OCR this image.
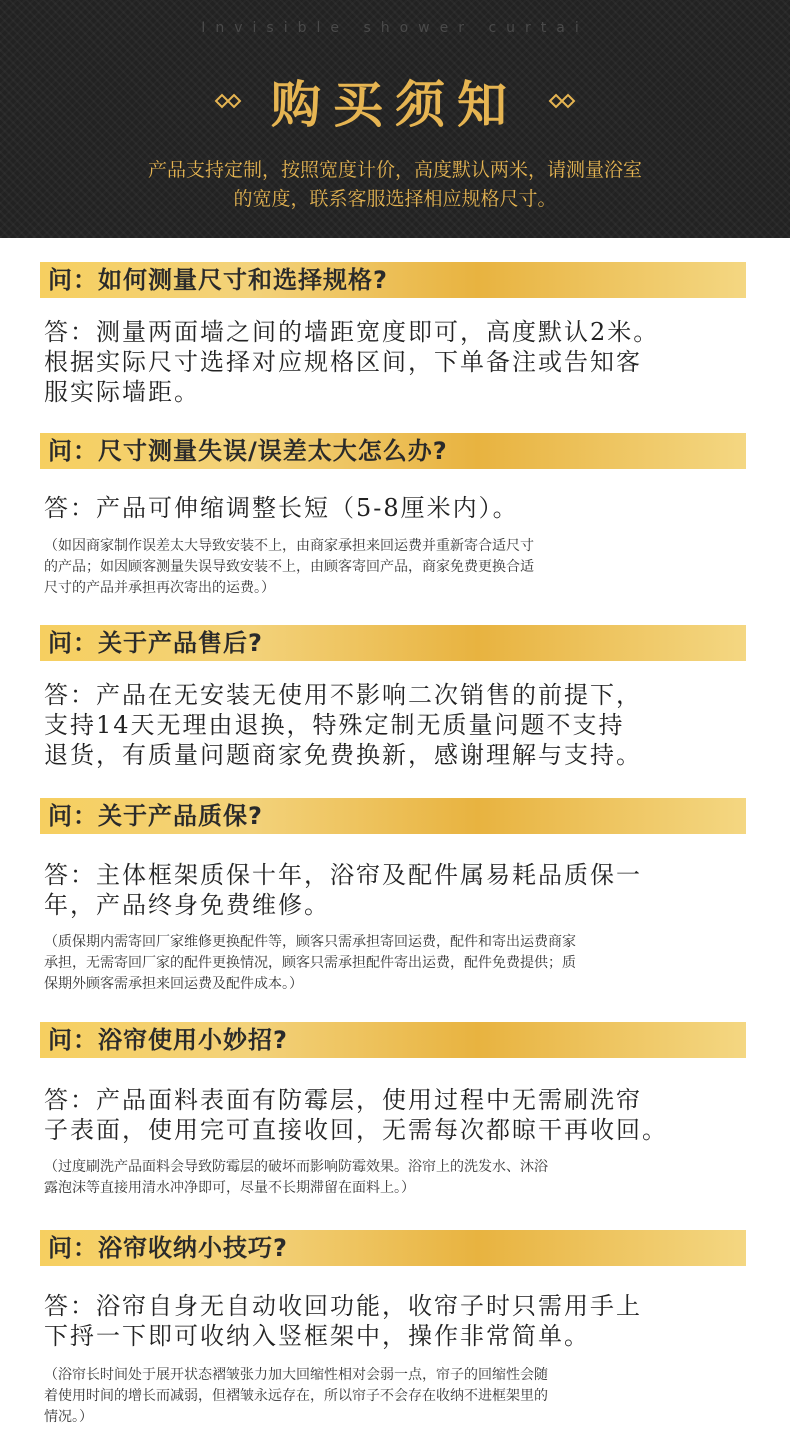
Invisible shower curtai
购买须知
产品支持定制，按照宽度计价，高度默认两米，请测量浴室
的宽度，联系客服选择相应规格尺寸。
问：如何测量尺寸和选择规格?
答：测量两面墙之间的墙距宽度即可，高度默认2米。
根据实际尺寸选择对应规格区间，下单备注或告知客
服实际墙距。
问：尺寸测量失误/误差太大怎么办?
答：产品可伸缩调整长短（5-8厘米内）。
（如因商家制作误差太大导致安装不上，由商家承担来回运费并重新寄合适尺寸
的产品；如因顾客测量失误导致安装不上，由顾客寄回产品，商家免费更换合适
尺寸的产品并承担再次寄出的运费。）
问：关于产品售后?
答：产品在无安装无使用不影响二次销售的前提下，
支持14天无理由退换，特殊定制无质量问题不支持
退货，有质量问题商家免费换新，感谢理解与支持。
问：关于产品质保?
答：主体框架质保十年，浴帘及配件属易耗品质保一
年，产品终身免费维修。
（质保期内需寄回厂家维修更换配件等，顾客只需承担寄回运费，配件和寄出运费商家
承担，无需寄回厂家的配件更换情况，顾客只需承担配件寄出运费，配件免费提供；质
保期外顾客需承担来回运费及配件成本。）
问：浴帘使用小妙招?
答：产品面料表面有防霉层，使用过程中无需刷洗帘
子表面，使用完可直接收回，无需每次都晾干再收回。
（过度刷洗产品面料会导致防霉层的破坏而影响防霉效果。浴帘上的洗发水、沐浴
露泡沫等直接用清水冲净即可，尽量不长期滞留在面料上。）
问：浴帘收纳小技巧?
答：浴帘自身无自动收回功能，收帘子时只需用手上
下捋一下即可收纳入竖框架中，操作非常简单。
（浴帘长时间处于展开状态褶皱张力加大回缩性相对会弱一点，帘子的回缩性会随
着使用时间的增长而减弱，但褶皱永远存在，所以帘子不会存在收纳不进框架里的
情况。）
